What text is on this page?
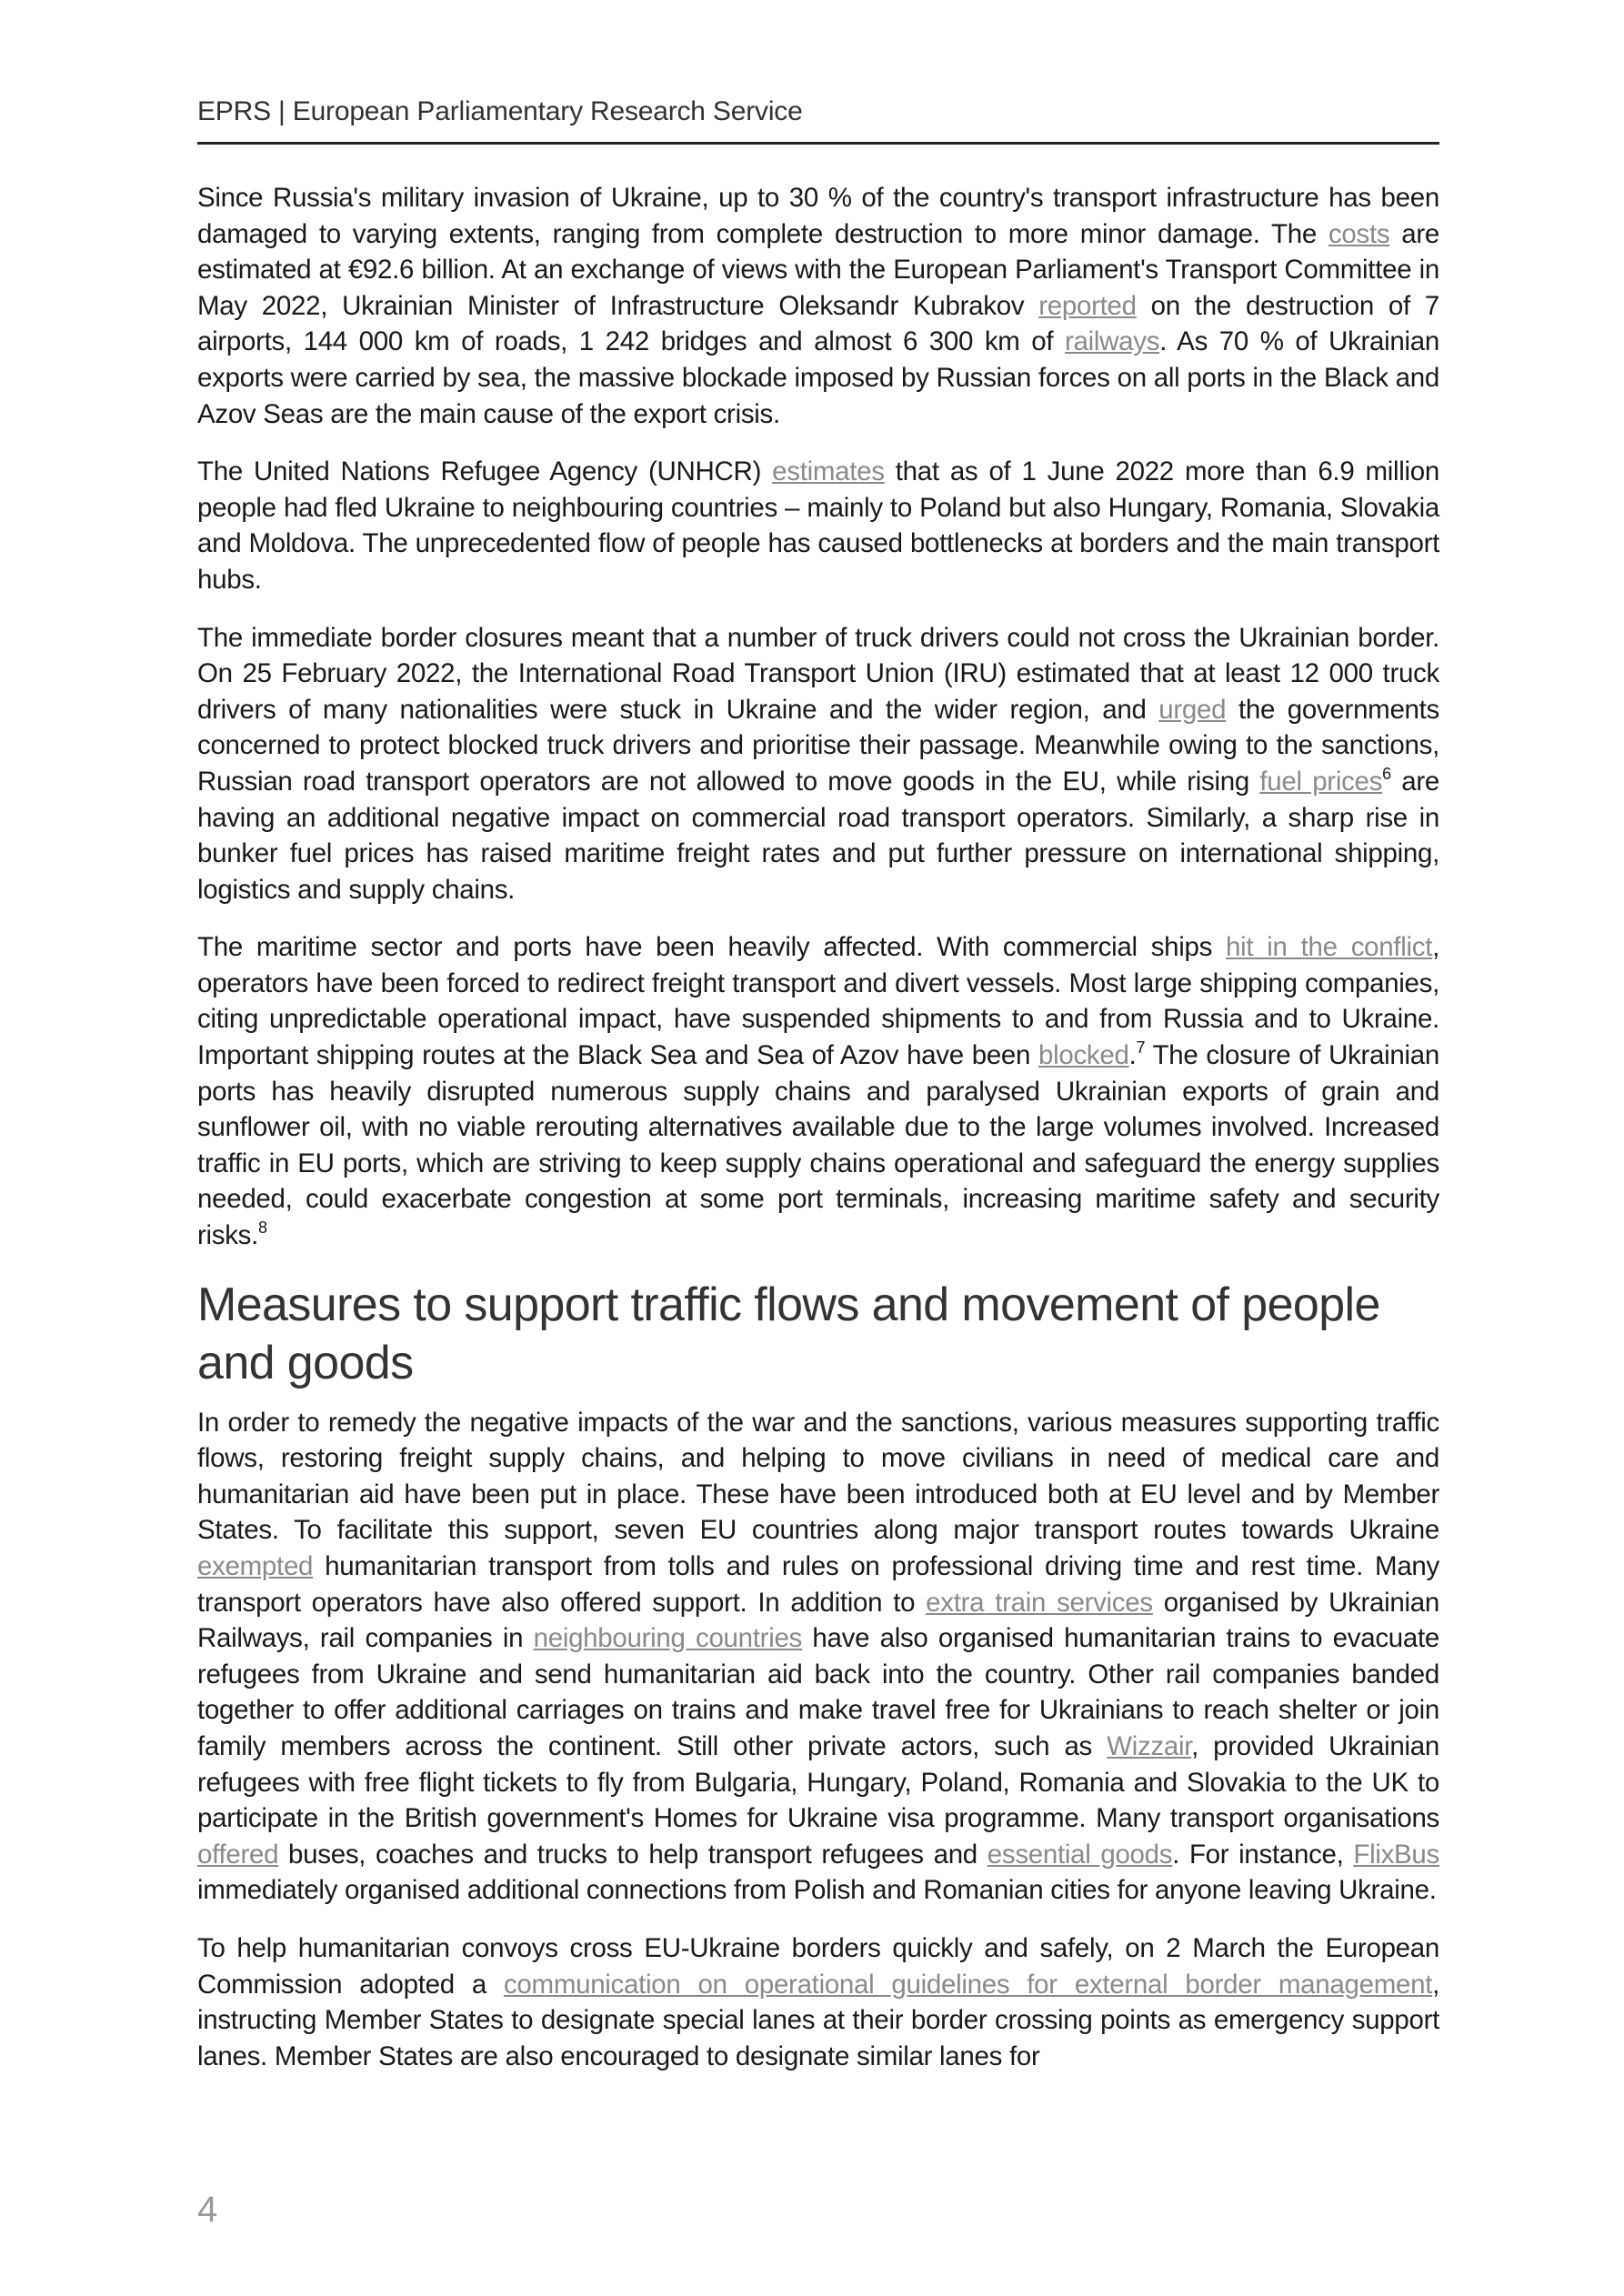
EPRS | European Parliamentary Research Service

Since Russia's military invasion of Ukraine, up to 30 % of the country's transport infrastructure has been damaged to varying extents, ranging from complete destruction to more minor damage. The costs are estimated at €92.6 billion. At an exchange of views with the European Parliament's Transport Committee in May 2022, Ukrainian Minister of Infrastructure Oleksandr Kubrakov reported on the destruction of 7 airports, 144 000 km of roads, 1 242 bridges and almost 6 300 km of railways. As 70 % of Ukrainian exports were carried by sea, the massive blockade imposed by Russian forces on all ports in the Black and Azov Seas are the main cause of the export crisis.

The United Nations Refugee Agency (UNHCR) estimates that as of 1 June 2022 more than 6.9 million people had fled Ukraine to neighbouring countries – mainly to Poland but also Hungary, Romania, Slovakia and Moldova. The unprecedented flow of people has caused bottlenecks at borders and the main transport hubs.

The immediate border closures meant that a number of truck drivers could not cross the Ukrainian border. On 25 February 2022, the International Road Transport Union (IRU) estimated that at least 12 000 truck drivers of many nationalities were stuck in Ukraine and the wider region, and urged the governments concerned to protect blocked truck drivers and prioritise their passage. Meanwhile owing to the sanctions, Russian road transport operators are not allowed to move goods in the EU, while rising fuel prices$^6$ are having an additional negative impact on commercial road transport operators. Similarly, a sharp rise in bunker fuel prices has raised maritime freight rates and put further pressure on international shipping, logistics and supply chains.

The maritime sector and ports have been heavily affected. With commercial ships hit in the conflict, operators have been forced to redirect freight transport and divert vessels. Most large shipping companies, citing unpredictable operational impact, have suspended shipments to and from Russia and to Ukraine. Important shipping routes at the Black Sea and Sea of Azov have been blocked.$^7$ The closure of Ukrainian ports has heavily disrupted numerous supply chains and paralysed Ukrainian exports of grain and sunflower oil, with no viable rerouting alternatives available due to the large volumes involved. Increased traffic in EU ports, which are striving to keep supply chains operational and safeguard the energy supplies needed, could exacerbate congestion at some port terminals, increasing maritime safety and security risks.$^8$

Measures to support traffic flows and movement of people and goods

In order to remedy the negative impacts of the war and the sanctions, various measures supporting traffic flows, restoring freight supply chains, and helping to move civilians in need of medical care and humanitarian aid have been put in place. These have been introduced both at EU level and by Member States. To facilitate this support, seven EU countries along major transport routes towards Ukraine exempted humanitarian transport from tolls and rules on professional driving time and rest time. Many transport operators have also offered support. In addition to extra train services organised by Ukrainian Railways, rail companies in neighbouring countries have also organised humanitarian trains to evacuate refugees from Ukraine and send humanitarian aid back into the country. Other rail companies banded together to offer additional carriages on trains and make travel free for Ukrainians to reach shelter or join family members across the continent. Still other private actors, such as Wizzair, provided Ukrainian refugees with free flight tickets to fly from Bulgaria, Hungary, Poland, Romania and Slovakia to the UK to participate in the British government's Homes for Ukraine visa programme. Many transport organisations offered buses, coaches and trucks to help transport refugees and essential goods. For instance, FlixBus immediately organised additional connections from Polish and Romanian cities for anyone leaving Ukraine.

To help humanitarian convoys cross EU-Ukraine borders quickly and safely, on 2 March the European Commission adopted a communication on operational guidelines for external border management, instructing Member States to designate special lanes at their border crossing points as emergency support lanes. Member States are also encouraged to designate similar lanes for

4
